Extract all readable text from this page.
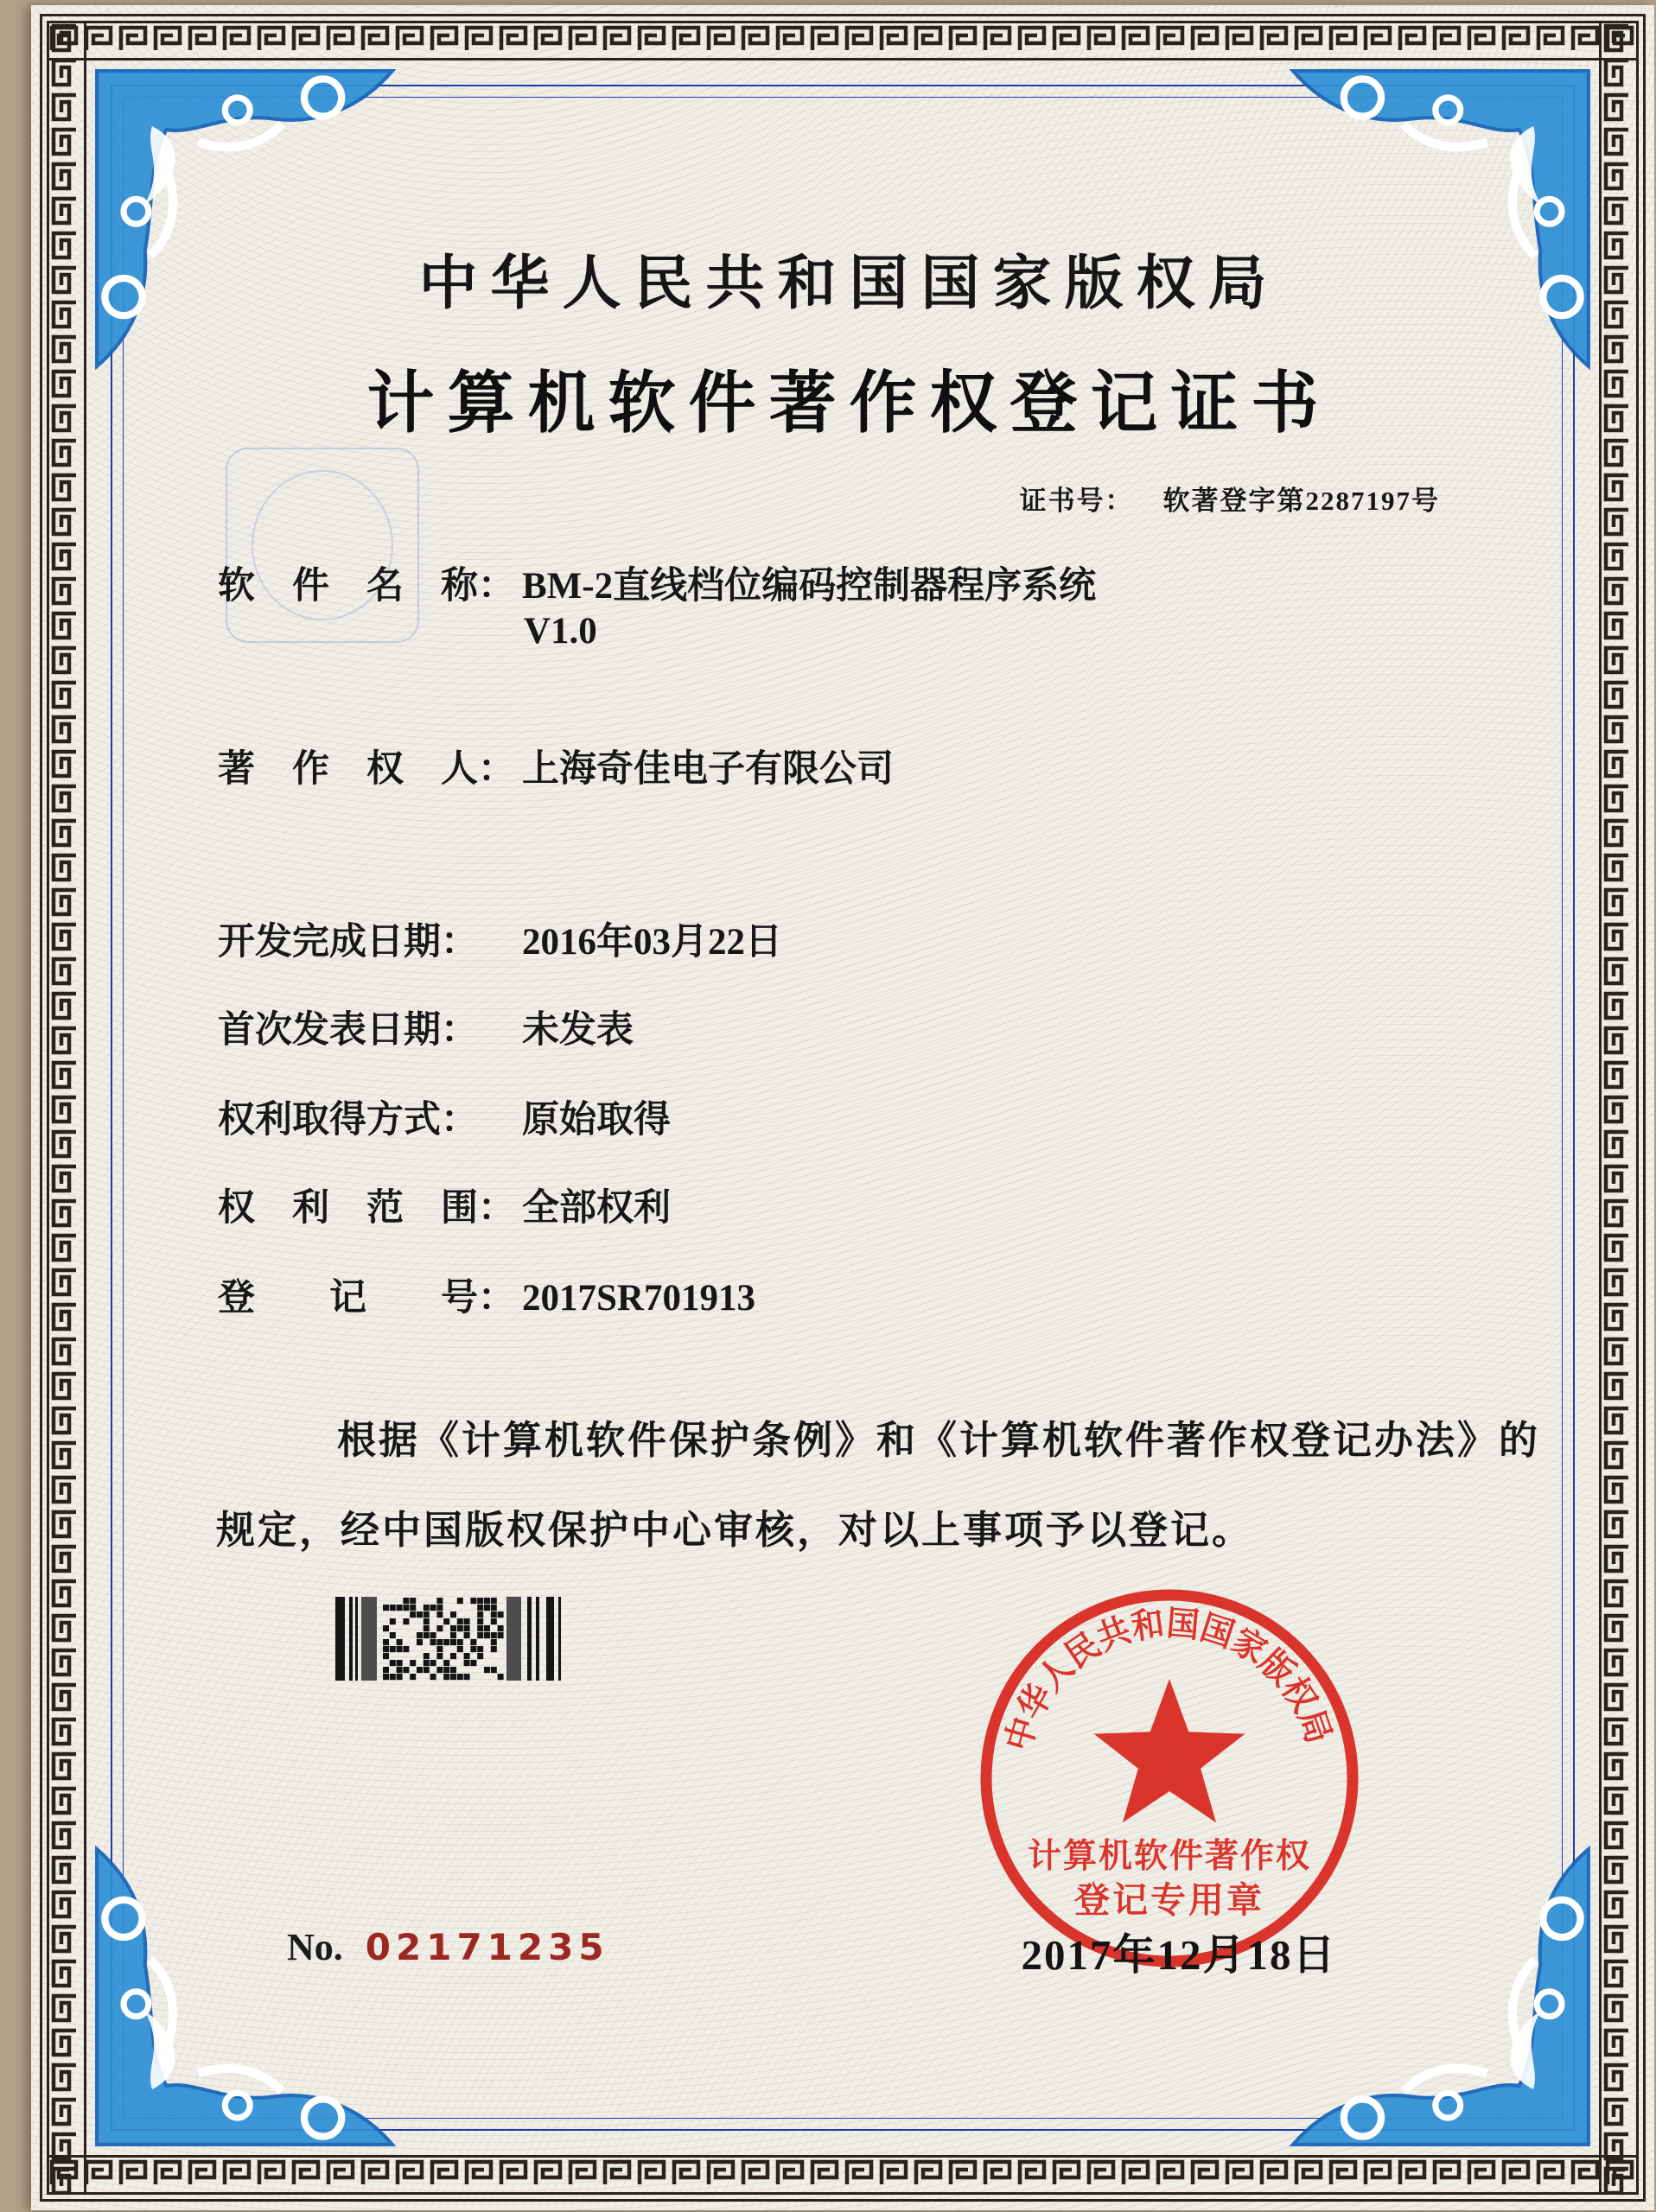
中华人民共和国国家版权局
计算机软件著作权登记证书
证书号： 软著登字第2287197号
软　件　名　称： BM-2直线档位编码控制器程序系统
V1.0
著　作　权　人： 上海奇佳电子有限公司
开发完成日期： 2016年03月22日
首次发表日期： 未发表
权利取得方式： 原始取得
权　利　范　围： 全部权利
登　　记　　号： 2017SR701913
根据《计算机软件保护条例》和《计算机软件著作权登记办法》的
规定，经中国版权保护中心审核，对以上事项予以登记。
中华人民共和国国家版权局
计算机软件著作权
登记专用章
2017年12月18日
No. 02171235
